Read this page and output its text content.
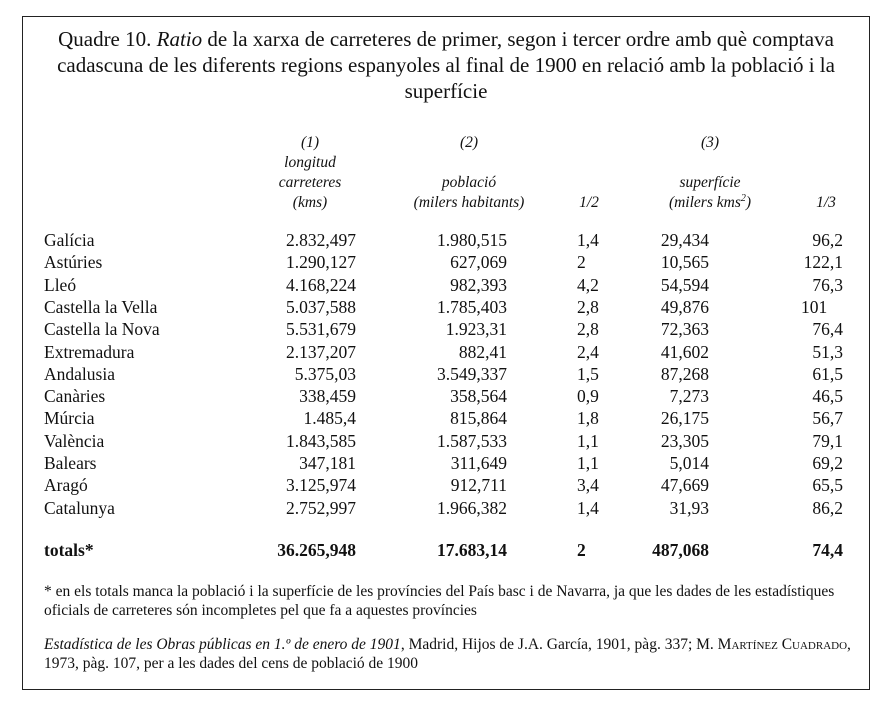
Quadre 10. Ratio de la xarxa de carreteres de primer, segon i tercer ordre amb què comptava cadascuna de les diferents regions espanyoles al final de 1900 en relació amb la població i la superfície
(1)
longitud
carreteres
(kms)
(2)
població
(milers habitants)	1/2
(3)
superfície
(milers kms$^2$)	1/3
Galícia	2.832,497	1.980,515	1,4	29,434	96,2
Astúries	1.290,127	627,069	2	10,565	122,1
Lleó	4.168,224	982,393	4,2	54,594	76,3
Castella la Vella	5.037,588	1.785,403	2,8	49,876	101
Castella la Nova	5.531,679	1.923,31	2,8	72,363	76,4
Extremadura	2.137,207	882,41	2,4	41,602	51,3
Andalusia	5.375,03	3.549,337	1,5	87,268	61,5
Canàries	338,459	358,564	0,9	7,273	46,5
Múrcia	1.485,4	815,864	1,8	26,175	56,7
València	1.843,585	1.587,533	1,1	23,305	79,1
Balears	347,181	311,649	1,1	5,014	69,2
Aragó	3.125,974	912,711	3,4	47,669	65,5
Catalunya	2.752,997	1.966,382	1,4	31,93	86,2
totals*	36.265,948	17.683,14	2	487,068	74,4
* en els totals manca la població i la superfície de les províncies del País basc i de Navarra, ja que les dades de les estadístiques oficials de carreteres són incompletes pel que fa a aquestes províncies
Estadística de les Obras públicas en 1.º de enero de 1901, Madrid, Hijos de J.A. García, 1901, pàg. 337; M. Martínez Cuadrado, 1973, pàg. 107, per a les dades del cens de població de 1900
